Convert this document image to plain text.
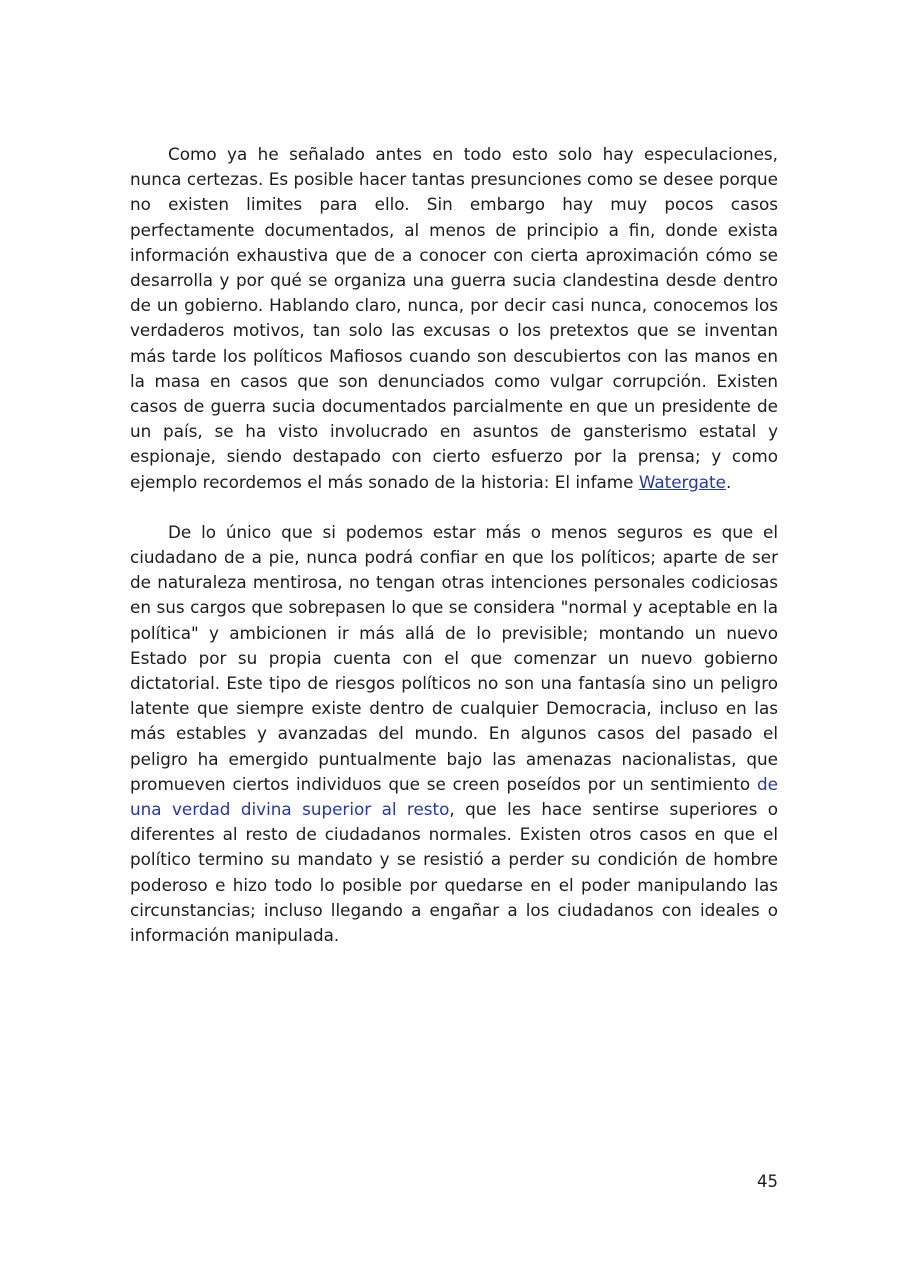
Como ya he señalado antes en todo esto solo hay especulaciones, nunca certezas. Es posible hacer tantas presunciones como se desee porque no existen limites para ello. Sin embargo hay muy pocos casos perfectamente documentados, al menos de principio a fin, donde exista información exhaustiva que de a conocer con cierta aproximación cómo se desarrolla y por qué se organiza una guerra sucia clandestina desde dentro de un gobierno. Hablando claro, nunca, por decir casi nunca, conocemos los verdaderos motivos, tan solo las excusas o los pretextos que se inventan más tarde los políticos Mafiosos cuando son descubiertos con las manos en la masa en casos que son denunciados como vulgar corrupción. Existen casos de guerra sucia documentados parcialmente en que un presidente de un país, se ha visto involucrado en asuntos de gansterismo estatal y espionaje, siendo destapado con cierto esfuerzo por la prensa; y como ejemplo recordemos el más sonado de la historia: El infame Watergate.

De lo único que si podemos estar más o menos seguros es que el ciudadano de a pie, nunca podrá confiar en que los políticos; aparte de ser de naturaleza mentirosa, no tengan otras intenciones personales codiciosas en sus cargos que sobrepasen lo que se considera "normal y aceptable en la política" y ambicionen ir más allá de lo previsible; montando un nuevo Estado por su propia cuenta con el que comenzar un nuevo gobierno dictatorial. Este tipo de riesgos políticos no son una fantasía sino un peligro latente que siempre existe dentro de cualquier Democracia, incluso en las más estables y avanzadas del mundo. En algunos casos del pasado el peligro ha emergido puntualmente bajo las amenazas nacionalistas, que promueven ciertos individuos que se creen poseídos por un sentimiento de una verdad divina superior al resto, que les hace sentirse superiores o diferentes al resto de ciudadanos normales. Existen otros casos en que el político termino su mandato y se resistió a perder su condición de hombre poderoso e hizo todo lo posible por quedarse en el poder manipulando las circunstancias; incluso llegando a engañar a los ciudadanos con ideales o información manipulada.

45
